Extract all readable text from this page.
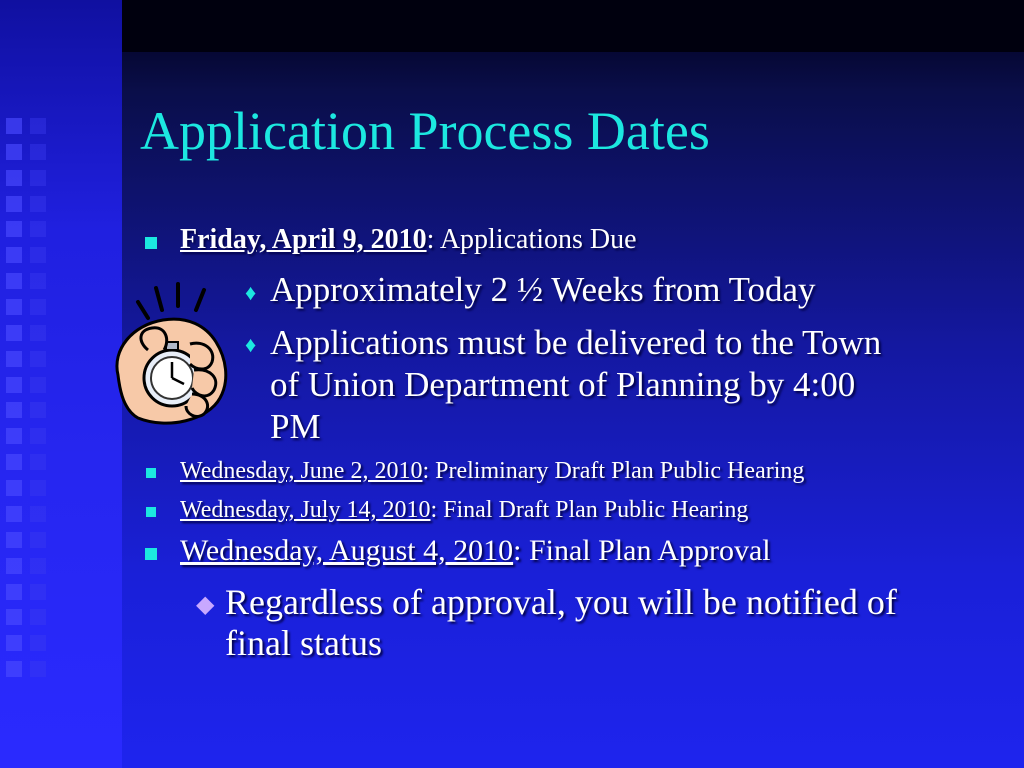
Application Process Dates
Friday, April 9, 2010: Applications Due
♦ Approximately 2 ½ Weeks from Today
♦ Applications must be delivered to the Town
of Union Department of Planning by 4:00
PM
Wednesday, June 2, 2010: Preliminary Draft Plan Public Hearing
Wednesday, July 14, 2010: Final Draft Plan Public Hearing
Wednesday, August 4, 2010: Final Plan Approval
◆ Regardless of approval, you will be notified of
final status
